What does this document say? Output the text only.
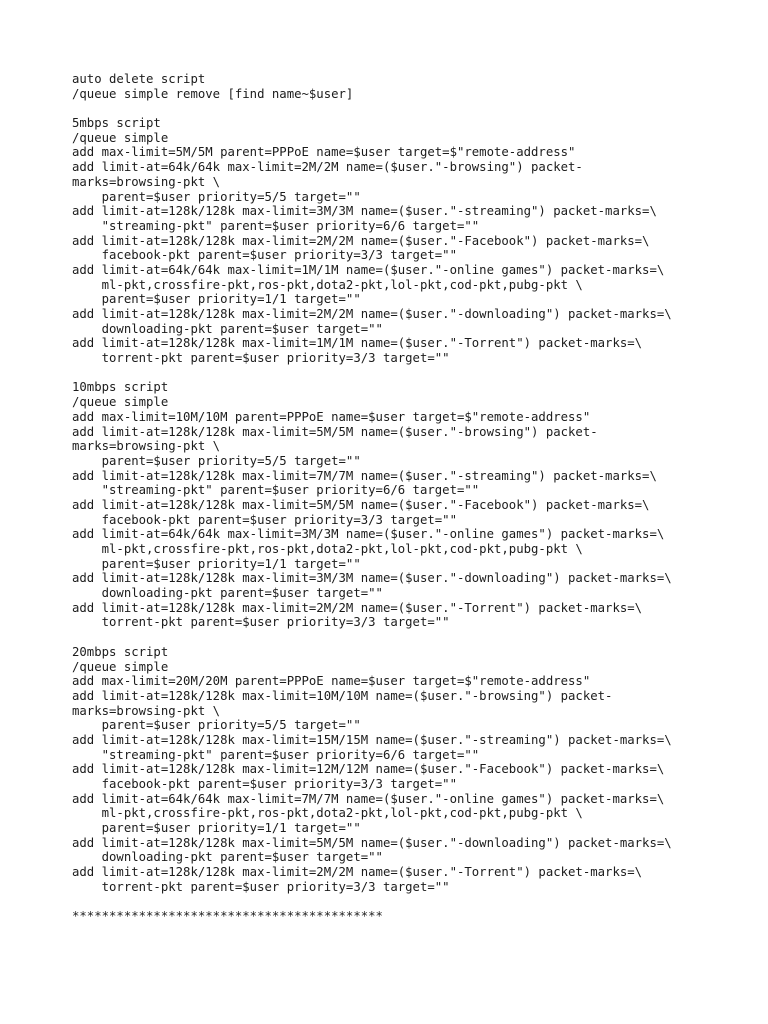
auto delete script
/queue simple remove [find name~$user]
5mbps script
/queue simple
add max-limit=5M/5M parent=PPPoE name=$user target=$"remote-address"
add limit-at=64k/64k max-limit=2M/2M name=($user."-browsing") packet-
marks=browsing-pkt \
parent=$user priority=5/5 target=""
add limit-at=128k/128k max-limit=3M/3M name=($user."-streaming") packet-marks=\
"streaming-pkt" parent=$user priority=6/6 target=""
add limit-at=128k/128k max-limit=2M/2M name=($user."-Facebook") packet-marks=\
facebook-pkt parent=$user priority=3/3 target=""
add limit-at=64k/64k max-limit=1M/1M name=($user."-online games") packet-marks=\
ml-pkt,crossfire-pkt,ros-pkt,dota2-pkt,lol-pkt,cod-pkt,pubg-pkt \
parent=$user priority=1/1 target=""
add limit-at=128k/128k max-limit=2M/2M name=($user."-downloading") packet-marks=\
downloading-pkt parent=$user target=""
add limit-at=128k/128k max-limit=1M/1M name=($user."-Torrent") packet-marks=\
torrent-pkt parent=$user priority=3/3 target=""
10mbps script
/queue simple
add max-limit=10M/10M parent=PPPoE name=$user target=$"remote-address"
add limit-at=128k/128k max-limit=5M/5M name=($user."-browsing") packet-
marks=browsing-pkt \
parent=$user priority=5/5 target=""
add limit-at=128k/128k max-limit=7M/7M name=($user."-streaming") packet-marks=\
"streaming-pkt" parent=$user priority=6/6 target=""
add limit-at=128k/128k max-limit=5M/5M name=($user."-Facebook") packet-marks=\
facebook-pkt parent=$user priority=3/3 target=""
add limit-at=64k/64k max-limit=3M/3M name=($user."-online games") packet-marks=\
ml-pkt,crossfire-pkt,ros-pkt,dota2-pkt,lol-pkt,cod-pkt,pubg-pkt \
parent=$user priority=1/1 target=""
add limit-at=128k/128k max-limit=3M/3M name=($user."-downloading") packet-marks=\
downloading-pkt parent=$user target=""
add limit-at=128k/128k max-limit=2M/2M name=($user."-Torrent") packet-marks=\
torrent-pkt parent=$user priority=3/3 target=""
20mbps script
/queue simple
add max-limit=20M/20M parent=PPPoE name=$user target=$"remote-address"
add limit-at=128k/128k max-limit=10M/10M name=($user."-browsing") packet-
marks=browsing-pkt \
parent=$user priority=5/5 target=""
add limit-at=128k/128k max-limit=15M/15M name=($user."-streaming") packet-marks=\
"streaming-pkt" parent=$user priority=6/6 target=""
add limit-at=128k/128k max-limit=12M/12M name=($user."-Facebook") packet-marks=\
facebook-pkt parent=$user priority=3/3 target=""
add limit-at=64k/64k max-limit=7M/7M name=($user."-online games") packet-marks=\
ml-pkt,crossfire-pkt,ros-pkt,dota2-pkt,lol-pkt,cod-pkt,pubg-pkt \
parent=$user priority=1/1 target=""
add limit-at=128k/128k max-limit=5M/5M name=($user."-downloading") packet-marks=\
downloading-pkt parent=$user target=""
add limit-at=128k/128k max-limit=2M/2M name=($user."-Torrent") packet-marks=\
torrent-pkt parent=$user priority=3/3 target=""
******************************************
